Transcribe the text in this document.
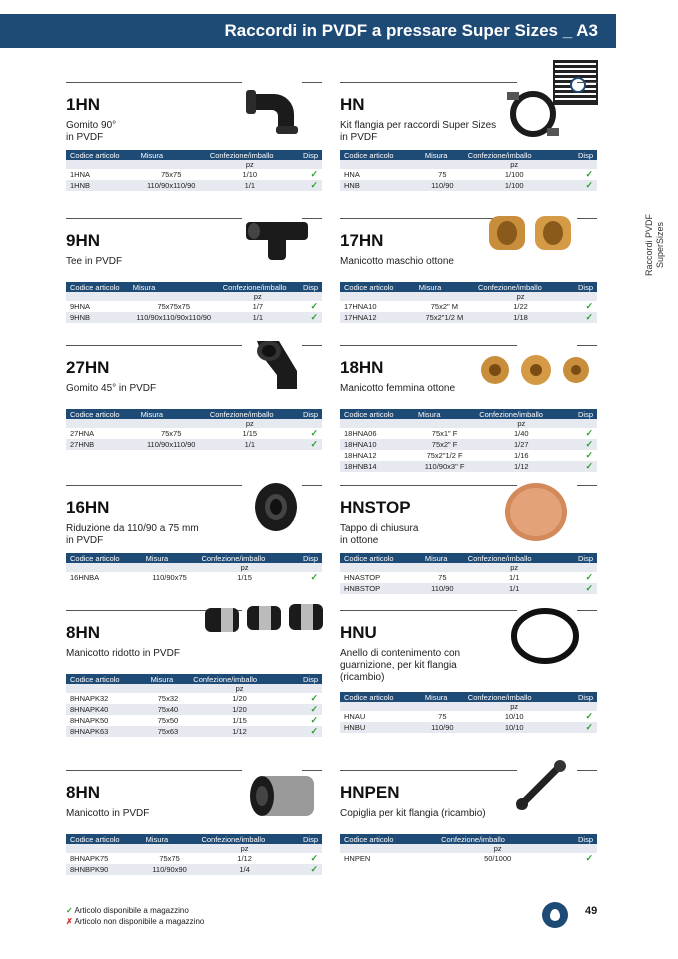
Raccordi in PVDF a pressare Super Sizes _ A3
Raccordi PVDF
SuperSizes
1HN
Gomito 90°
in PVDF
Codice articolo	Misura	Confezione/imballo	Disp
		pz	
1HNA	75x75	1/10	✓
1HNB	110/90x110/90	1/1	✓
HN
Kit flangia per raccordi Super Sizes
in PVDF
Codice articolo	Misura	Confezione/imballo	Disp
		pz	
HNA	75	1/100	✓
HNB	110/90	1/100	✓
9HN
Tee in PVDF
Codice articolo	Misura	Confezione/imballo	Disp
		pz	
9HNA	75x75x75	1/7	✓
9HNB	110/90x110/90x110/90	1/1	✓
17HN
Manicotto maschio ottone
Codice articolo	Misura	Confezione/imballo	Disp
		pz	
17HNA10	75x2" M	1/22	✓
17HNA12	75x2"1/2 M	1/18	✓
27HN
Gomito 45° in PVDF
Codice articolo	Misura	Confezione/imballo	Disp
		pz	
27HNA	75x75	1/15	✓
27HNB	110/90x110/90	1/1	✓
18HN
Manicotto femmina ottone
Codice articolo	Misura	Confezione/imballo	Disp
		pz	
18HNA06	75x1" F	1/40	✓
18HNA10	75x2" F	1/27	✓
18HNA12	75x2"1/2 F	1/16	✓
18HNB14	110/90x3" F	1/12	✓
16HN
Riduzione da 110/90 a 75 mm
in PVDF
Codice articolo	Misura	Confezione/imballo	Disp
		pz	
16HNBA	110/90x75	1/15	✓
HNSTOP
Tappo di chiusura
in ottone
Codice articolo	Misura	Confezione/imballo	Disp
		pz	
HNASTOP	75	1/1	✓
HNBSTOP	110/90	1/1	✓
8HN
Manicotto ridotto in PVDF
Codice articolo	Misura	Confezione/imballo	Disp
		pz	
8HNAPK32	75x32	1/20	✓
8HNAPK40	75x40	1/20	✓
8HNAPK50	75x50	1/15	✓
8HNAPK63	75x63	1/12	✓
HNU
Anello di contenimento con
guarnizione, per kit flangia
(ricambio)
Codice articolo	Misura	Confezione/imballo	Disp
		pz	
HNAU	75	10/10	✓
HNBU	110/90	10/10	✓
8HN
Manicotto in PVDF
Codice articolo	Misura	Confezione/imballo	Disp
		pz	
8HNAPK75	75x75	1/12	✓
8HNBPK90	110/90x90	1/4	✓
HNPEN
Copiglia per kit flangia (ricambio)
Codice articolo	Confezione/imballo	Disp
	pz	
HNPEN	50/1000	✓
✓ Articolo disponibile a magazzino
✗ Articolo non disponibile a magazzino
49
